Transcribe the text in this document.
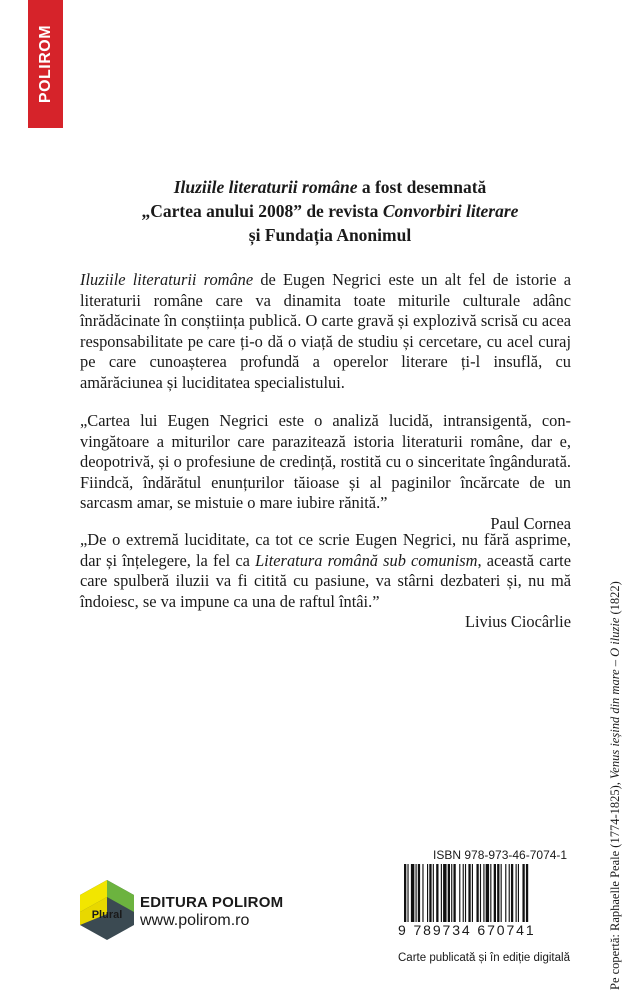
POLIROM
Iluziile literaturii române a fost desemnată
„Cartea anului 2008” de revista Convorbiri literare
și Fundația Anonimul

Iluziile literaturii române de Eugen Negrici este un alt fel de istorie a literaturii române care va dinamita toate miturile culturale adânc înrădăcinate în conștiința publică. O carte gravă și explozivă scrisă cu acea responsabilitate pe care ți-o dă o viață de studiu și cercetare, cu acel curaj pe care cunoașterea profundă a operelor literare ți-l insuflă, cu amărăciunea și luciditatea specialistului.

„Cartea lui Eugen Negrici este o analiză lucidă, intransigentă, convingătoare a miturilor care parazitează istoria literaturii române, dar e, deopotrivă, și o profesiune de credință, rostită cu o sinceritate îngândurată. Fiindcă, îndărătul enunțurilor tăioase și al paginilor încărcate de un sarcasm amar, se mistuie o mare iubire rănită.”

Paul Cornea

„De o extremă luciditate, ca tot ce scrie Eugen Negrici, nu fără asprime, dar și înțelegere, la fel ca Literatura română sub comunism, această carte care spulberă iluzii va fi citită cu pasiune, va stârni dezbateri și, nu mă îndoiesc, se va impune ca una de raftul întâi.”

Livius Ciocârlie

Pe copertă: Raphaelle Peale (1774-1825), Venus ieșind din mare – O iluzie (1822)
Plural
EDITURA POLIROM
www.polirom.ro
ISBN 978-973-46-7074-1
9 789734 670741
Carte publicată și în ediție digitală
